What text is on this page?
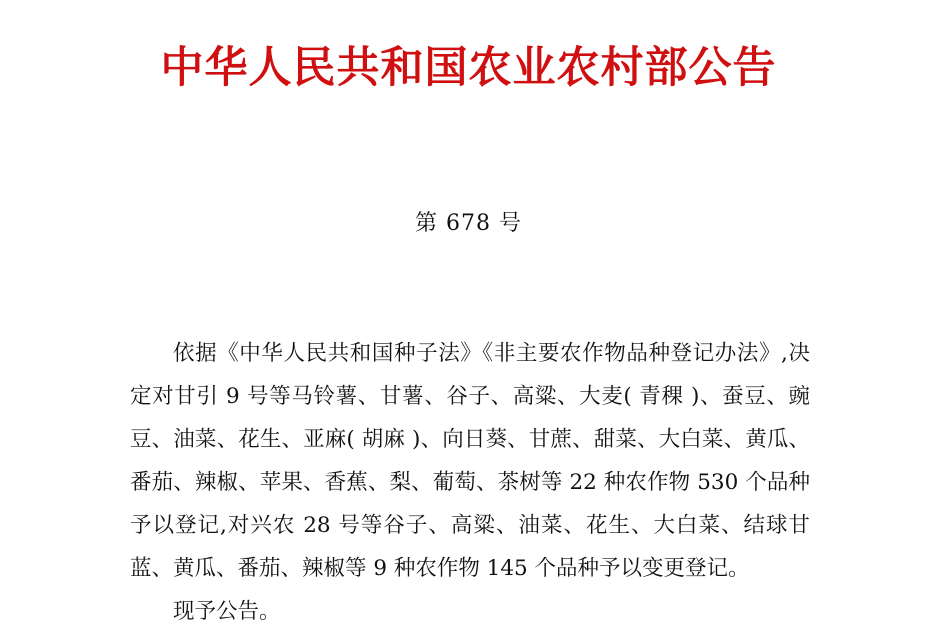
中华人民共和国农业农村部公告
第 678 号

依据《中华人民共和国种子法》《非主要农作物品种登记办法》,决定对甘引 9 号等马铃薯、甘薯、谷子、高粱、大麦( 青稞 )、蚕豆、豌豆、油菜、花生、亚麻( 胡麻 )、向日葵、甘蔗、甜菜、大白菜、黄瓜、番茄、辣椒、苹果、香蕉、梨、葡萄、茶树等 22 种农作物 530 个品种予以登记,对兴农 28 号等谷子、高粱、油菜、花生、大白菜、结球甘蓝、黄瓜、番茄、辣椒等 9 种农作物 145 个品种予以变更登记。

现予公告。
